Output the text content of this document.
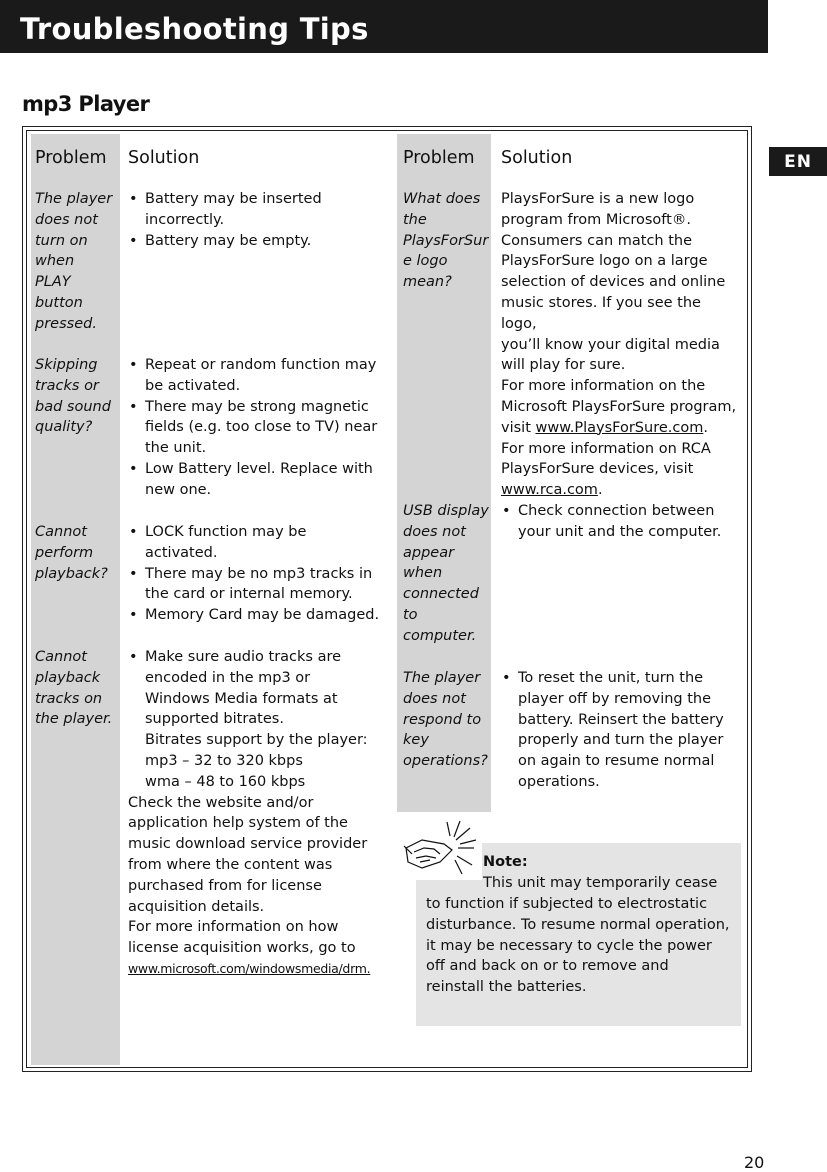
Troubleshooting Tips
EN
mp3 Player
Problem Solution	Problem Solution
The player
does not
turn on
when
PLAY
button
pressed.
• Battery may be inserted
incorrectly.
• Battery may be empty.
Skipping
tracks or
bad sound
quality?
• Repeat or random function may
be activated.
• There may be strong magnetic
fields (e.g. too close to TV) near
the unit.
• Low Battery level. Replace with
new one.
Cannot
perform
playback?
• LOCK function may be
activated.
• There may be no mp3 tracks in
the card or internal memory.
• Memory Card may be damaged.
Cannot
playback
tracks on
the player.
• Make sure audio tracks are
encoded in the mp3 or
Windows Media formats at
supported bitrates.
Bitrates support by the player:
mp3 – 32 to 320 kbps
wma – 48 to 160 kbps
Check the website and/or
application help system of the
music download service provider
from where the content was
purchased from for license
acquisition details.
For more information on how
license acquisition works, go to
www.microsoft.com/windowsmedia/drm.
What does
the
PlaysForSur
e logo
mean?
PlaysForSure is a new logo
program from Microsoft®.
Consumers can match the
PlaysForSure logo on a large
selection of devices and online
music stores. If you see the logo,
you’ll know your digital media
will play for sure.
For more information on the
Microsoft PlaysForSure program,
visit www.PlaysForSure.com.
For more information on RCA
PlaysForSure devices, visit
www.rca.com.
USB display
does not
appear
when
connected
to
computer.
• Check connection between
your unit and the computer.
The player
does not
respond to
key
operations?
• To reset the unit, turn the
player off by removing the
battery. Reinsert the battery
properly and turn the player
on again to resume normal
operations.
Note:
This unit may temporarily cease
to function if subjected to electrostatic
disturbance. To resume normal operation,
it may be necessary to cycle the power
off and back on or to remove and
reinstall the batteries.
20
